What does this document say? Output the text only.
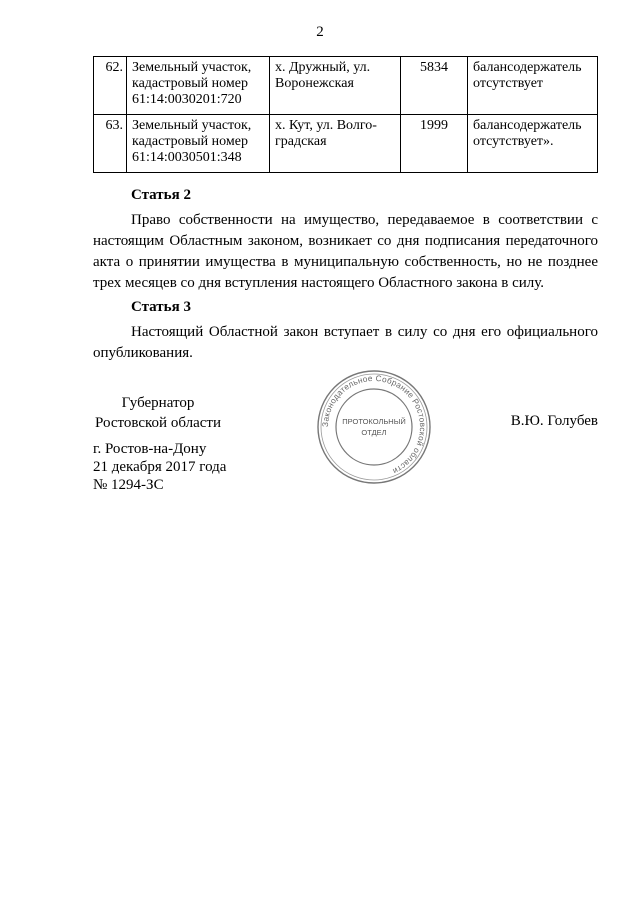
2
62.	Земельный участок, кадастровый номер 61:14:0030201:720	х. Дружный, ул. Воронежская	5834	балансодержатель отсутствует
63.	Земельный участок, кадастровый номер 61:14:0030501:348	х. Кут, ул. Волго-градская	1999	балансодержатель отсутствует».
Статья 2
Право собственности на имущество, передаваемое в соответствии с настоящим Областным законом, возникает со дня подписания передаточного акта о принятии имущества в муниципальную собственность, но не позднее трех месяцев со дня вступления настоящего Областного закона в силу.
Статья 3
Настоящий Областной закон вступает в силу со дня его официального опубликования.
Губернатор
Ростовской области	В.Ю. Голубев
г. Ростов-на-Дону
21 декабря 2017 года
№ 1294-ЗС
Законодательное Собрание Ростовской области
ПРОТОКОЛЬНЫЙ
ОТДЕЛ
